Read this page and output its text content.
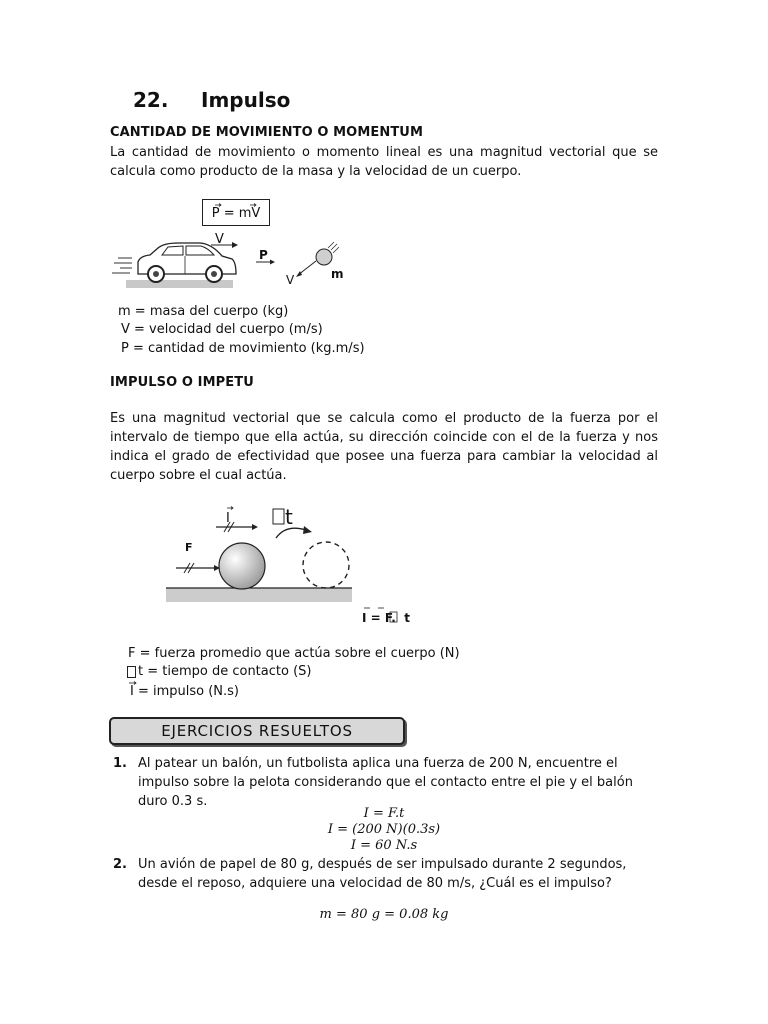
22. Impulso
CANTIDAD DE MOVIMIENTO O MOMENTUM
La cantidad de movimiento o momento lineal es una magnitud vectorial que se calcula como producto de la masa y la velocidad de un cuerpo.
P = mV
V
P
V	m
m = masa del cuerpo (kg)
V = velocidad del cuerpo (m/s)
P = cantidad de movimiento (kg.m/s)
IMPULSO O IMPETU
Es una magnitud vectorial que se calcula como el producto de la fuerza por el intervalo de tiempo que ella actúa, su dirección coincide con el de la fuerza y nos indica el grado de efectividad que posee una fuerza para cambiar la velocidad al cuerpo sobre el cual actúa.
F
I	t
I = F.  t
F = fuerza promedio que actúa sobre el cuerpo (N)
t = tiempo de contacto (S)
I = impulso (N.s)
EJERCICIOS RESUELTOS
1. Al patear un balón, un futbolista aplica una fuerza de 200 N, encuentre el impulso sobre la pelota considerando que el contacto entre el pie y el balón duro 0.3 s.
I = F.t
I = (200 N)(0.3s)
I = 60 N.s
2. Un avión de papel de 80 g, después de ser impulsado durante 2 segundos, desde el reposo, adquiere una velocidad de 80 m/s, ¿Cuál es el impulso?
m = 80 g = 0.08 kg
